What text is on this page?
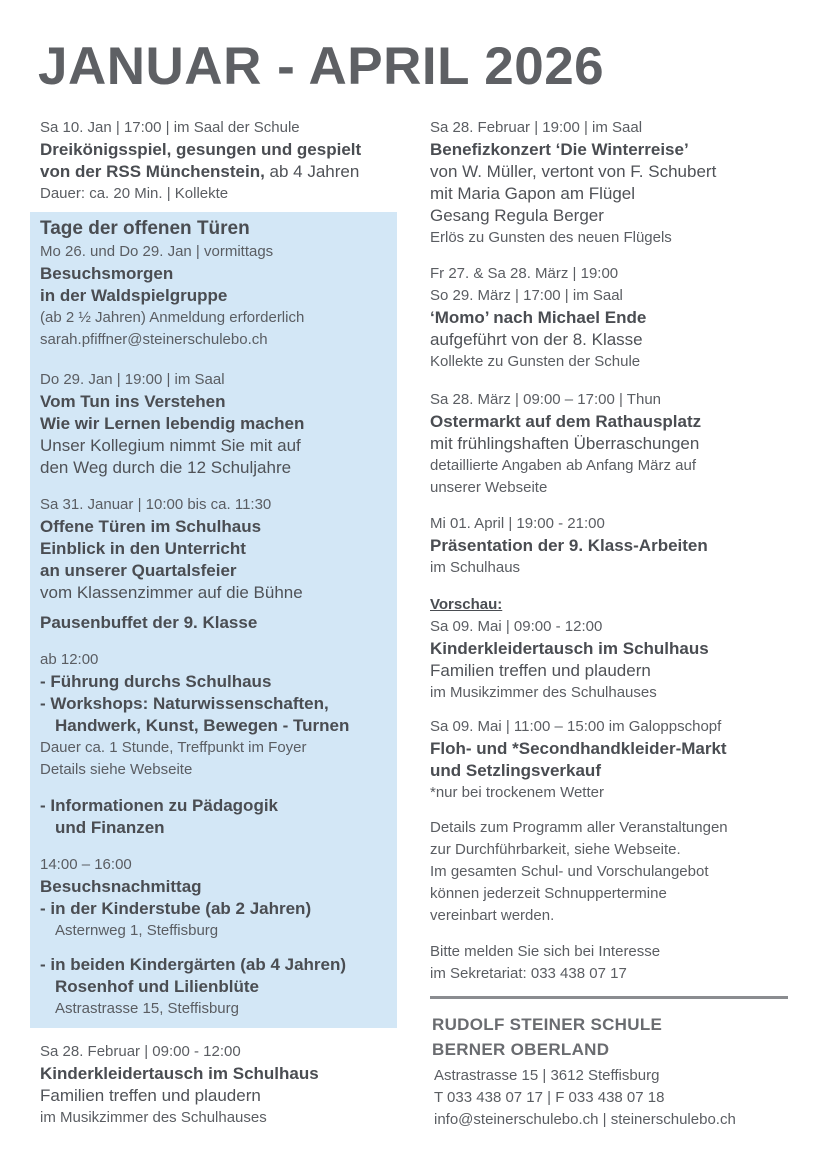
JANUAR - APRIL 2026
Sa 10. Jan | 17:00 | im Saal der Schule
Dreikönigsspiel, gesungen und gespielt
von der RSS Münchenstein, ab 4 Jahren
Dauer: ca. 20 Min. | Kollekte
Tage der offenen Türen
Mo 26. und Do 29. Jan | vormittags
Besuchsmorgen
in der Waldspielgruppe
(ab 2 ½ Jahren) Anmeldung erforderlich
sarah.pfiffner@steinerschulebo.ch
Do 29. Jan | 19:00 | im Saal
Vom Tun ins Verstehen
Wie wir Lernen lebendig machen
Unser Kollegium nimmt Sie mit auf
den Weg durch die 12 Schuljahre
Sa 31. Januar | 10:00 bis ca. 11:30
Offene Türen im Schulhaus
Einblick in den Unterricht
an unserer Quartalsfeier
vom Klassenzimmer auf die Bühne
Pausenbuffet der 9. Klasse
ab 12:00
- Führung durchs Schulhaus
- Workshops: Naturwissenschaften,
Handwerk, Kunst, Bewegen - Turnen
Dauer ca. 1 Stunde, Treffpunkt im Foyer
Details siehe Webseite
- Informationen zu Pädagogik
und Finanzen
14:00 – 16:00
Besuchsnachmittag
- in der Kinderstube (ab 2 Jahren)
Asternweg 1, Steffisburg
- in beiden Kindergärten (ab 4 Jahren)
Rosenhof und Lilienblüte
Astrastrasse 15, Steffisburg
Sa 28. Februar | 09:00 - 12:00
Kinderkleidertausch im Schulhaus
Familien treffen und plaudern
im Musikzimmer des Schulhauses
Sa 28. Februar | 19:00 | im Saal
Benefizkonzert ‘Die Winterreise’
von W. Müller, vertont von F. Schubert
mit Maria Gapon am Flügel
Gesang Regula Berger
Erlös zu Gunsten des neuen Flügels
Fr 27. & Sa 28. März | 19:00
So 29. März | 17:00 | im Saal
‘Momo’ nach Michael Ende
aufgeführt von der 8. Klasse
Kollekte zu Gunsten der Schule
Sa 28. März | 09:00 – 17:00 | Thun
Ostermarkt auf dem Rathausplatz
mit frühlingshaften Überraschungen
detaillierte Angaben ab Anfang März auf
unserer Webseite
Mi 01. April | 19:00 - 21:00
Präsentation der 9. Klass-Arbeiten
im Schulhaus
Vorschau:
Sa 09. Mai | 09:00 - 12:00
Kinderkleidertausch im Schulhaus
Familien treffen und plaudern
im Musikzimmer des Schulhauses
Sa 09. Mai | 11:00 – 15:00 im Galoppschopf
Floh- und *Secondhandkleider-Markt
und Setzlingsverkauf
*nur bei trockenem Wetter
Details zum Programm aller Veranstaltungen
zur Durchführbarkeit, siehe Webseite.
Im gesamten Schul- und Vorschulangebot
können jederzeit Schnuppertermine
vereinbart werden.
Bitte melden Sie sich bei Interesse
im Sekretariat: 033 438 07 17
RUDOLF STEINER SCHULE
BERNER OBERLAND
Astrastrasse 15 | 3612 Steffisburg
T 033 438 07 17 | F 033 438 07 18
info@steinerschulebo.ch | steinerschulebo.ch
